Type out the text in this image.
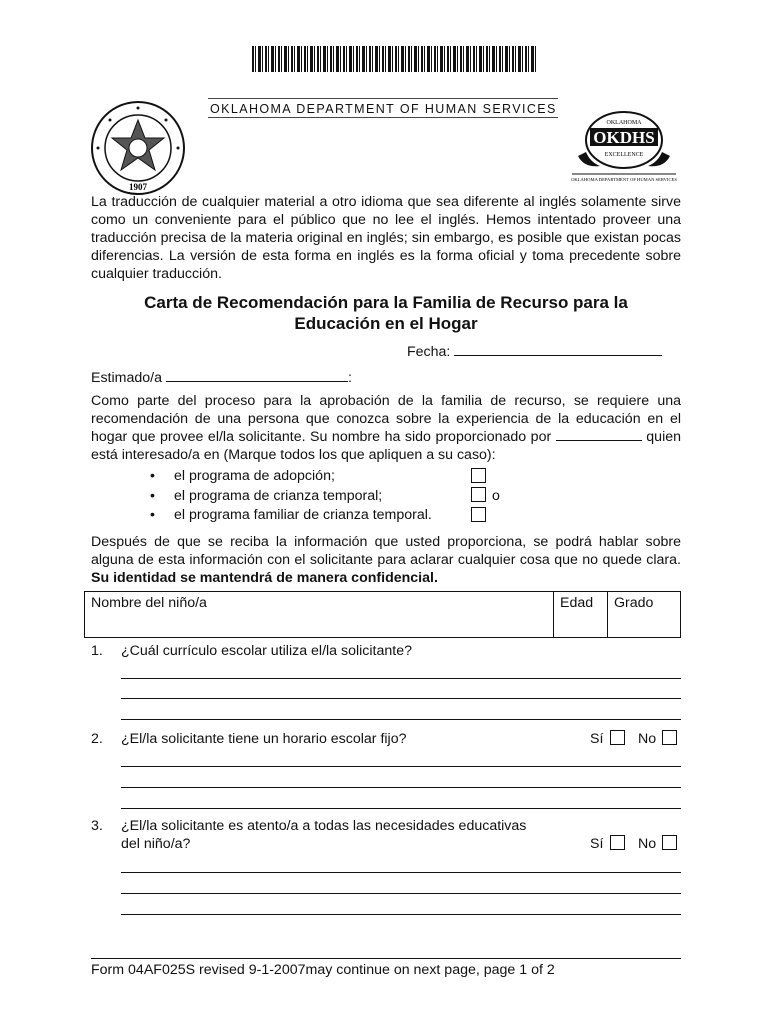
1907
OKLAHOMA DEPARTMENT OF HUMAN SERVICES
OKLAHOMA
OKDHS
EXCELLENCE
OKLAHOMA DEPARTMENT OF HUMAN SERVICES
La traducción de cualquier material a otro idioma que sea diferente al inglés solamente sirve como un conveniente para el público que no lee el inglés. Hemos intentado proveer una traducción precisa de la materia original en inglés; sin embargo, es posible que existan pocas diferencias. La versión de esta forma en inglés es la forma oficial y toma precedente sobre cualquier traducción.
Carta de Recomendación para la Familia de Recurso para la
Educación en el Hogar
Fecha:
Estimado/a	:
Como parte del proceso para la aprobación de la familia de recurso, se requiere una recomendación de una persona que conozca sobre la experiencia de la educación en el hogar que provee el/la solicitante. Su nombre ha sido proporcionado por	quien está interesado/a en (Marque todos los que apliquen a su caso):
• el programa de adopción;
• el programa de crianza temporal;	o
• el programa familiar de crianza temporal.
Después de que se reciba la información que usted proporciona, se podrá hablar sobre alguna de esta información con el solicitante para aclarar cualquier cosa que no quede clara. Su identidad se mantendrá de manera confidencial.
Nombre del niño/a	Edad	Grado
1. ¿Cuál currículo escolar utiliza el/la solicitante?
2. ¿El/la solicitante tiene un horario escolar fijo?	Sí No
3. ¿El/la solicitante es atento/a a todas las necesidades educativas
del niño/a?	Sí No
Form 04AF025S revised 9-1-2007may continue on next page, page 1 of 2
